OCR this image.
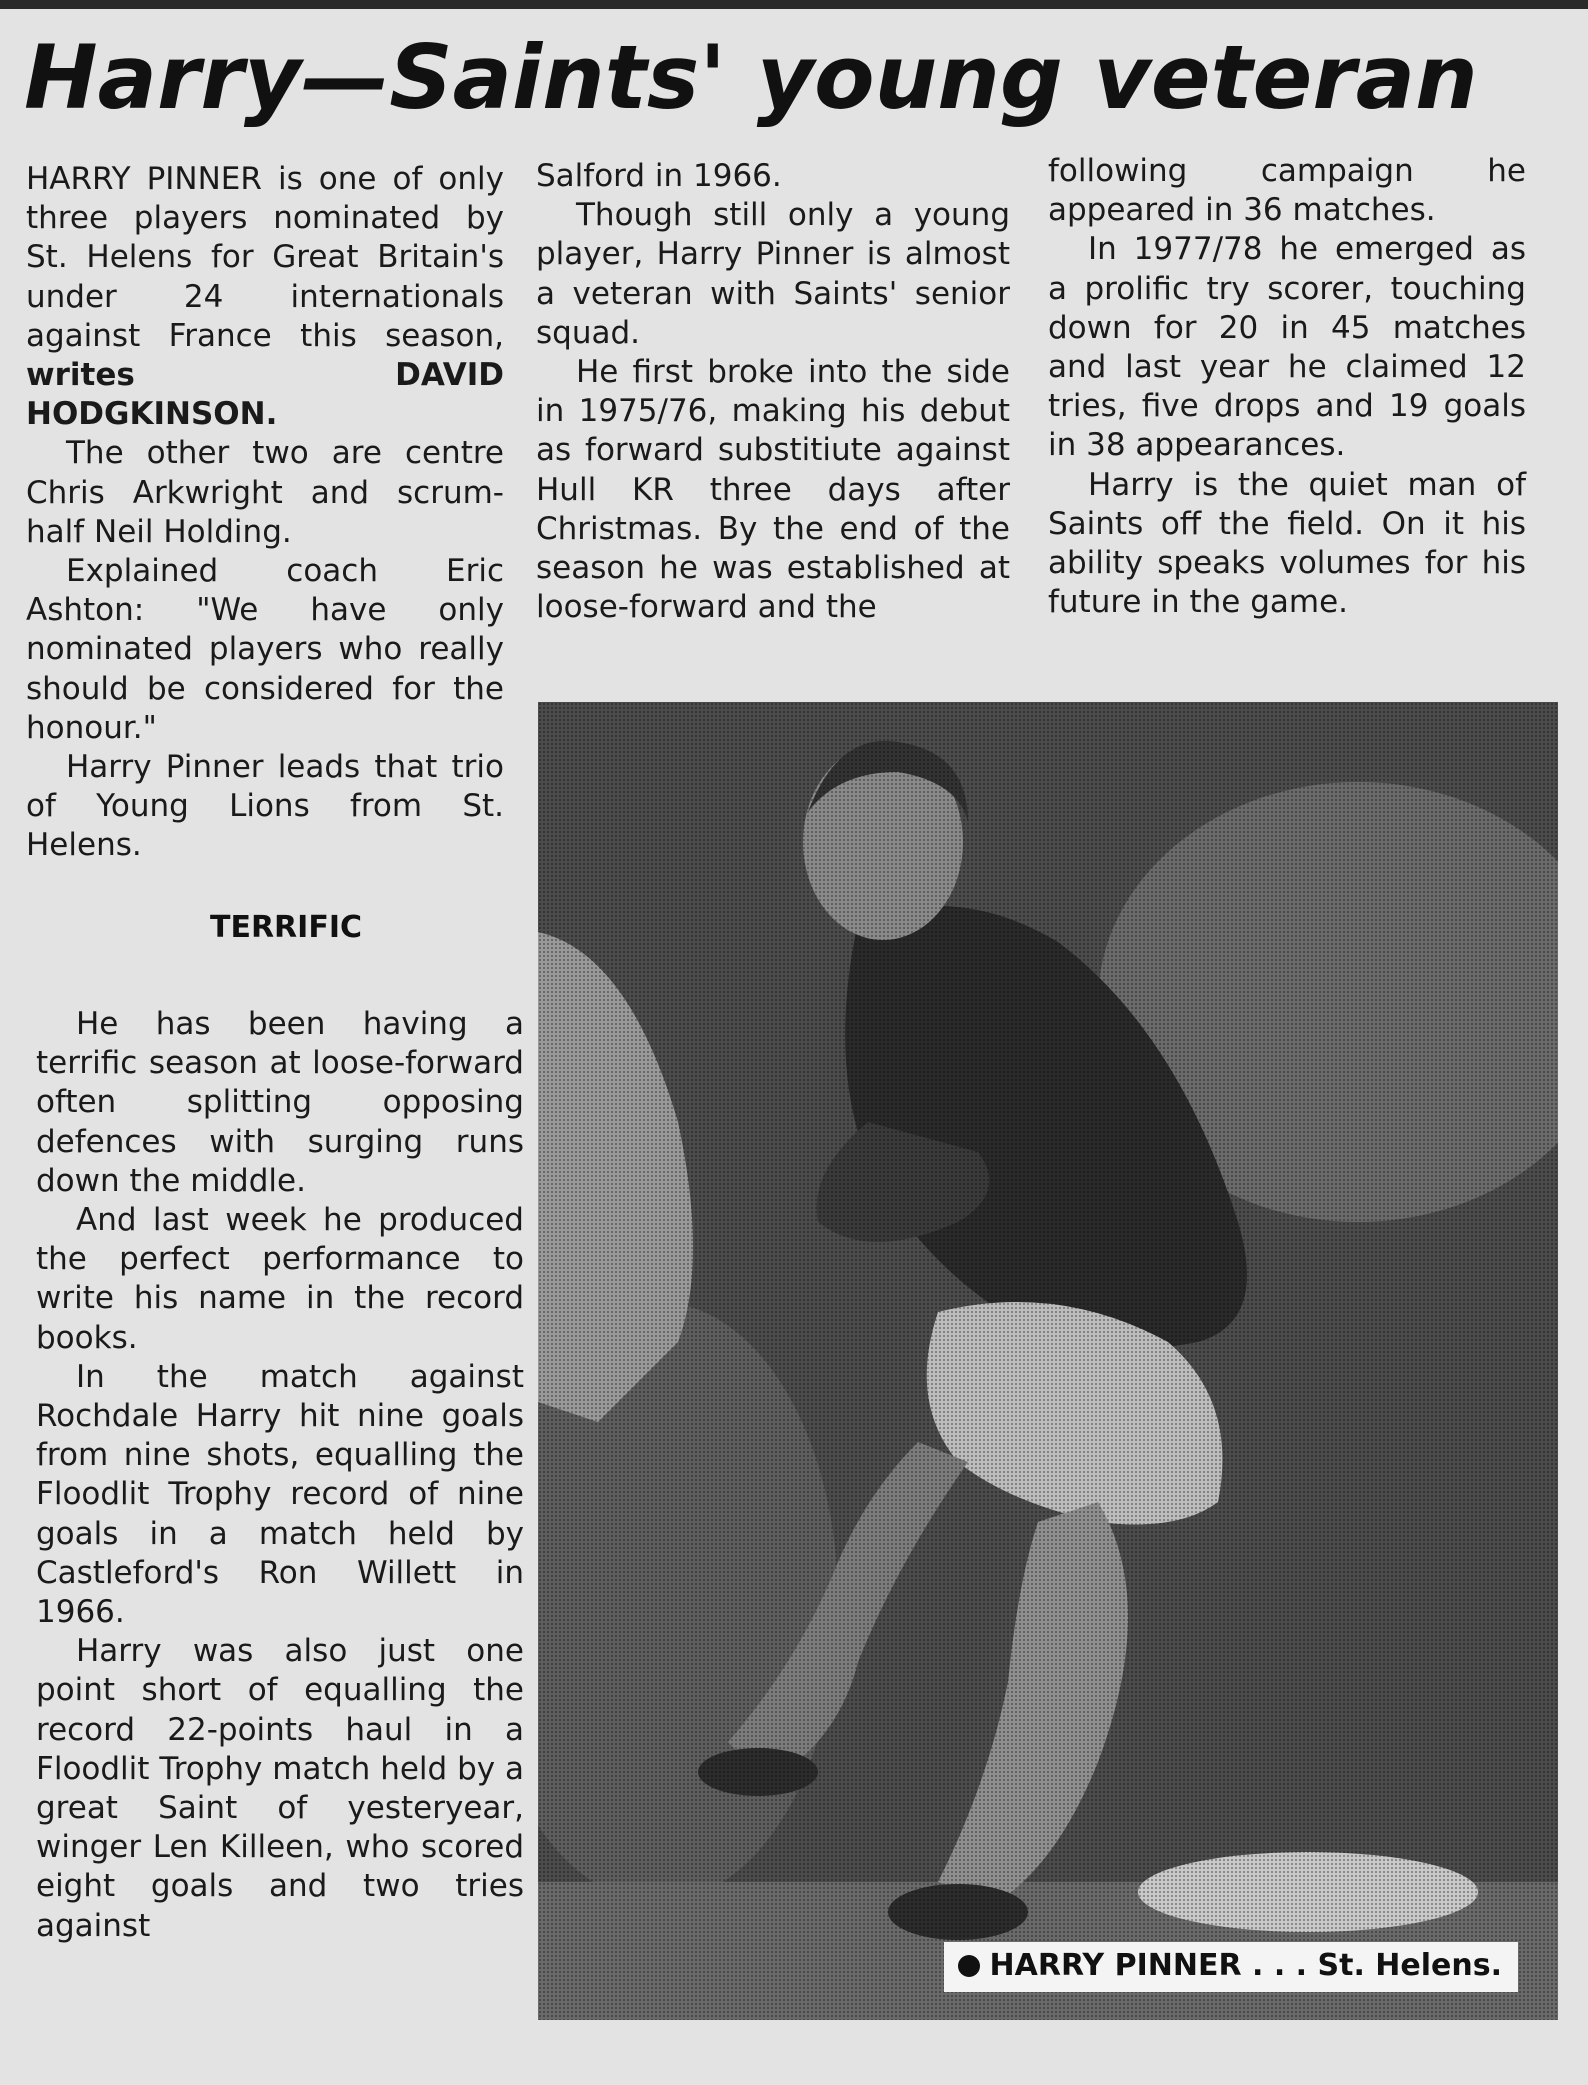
Harry—Saints' young veteran

HARRY PINNER is one of only three players nominated by St. Helens for Great Britain's under 24 internationals against France this season, writes DAVID HODGKINSON.

The other two are centre Chris Arkwright and scrum-half Neil Holding.

Explained coach Eric Ashton: "We have only nominated players who really should be considered for the honour."

Harry Pinner leads that trio of Young Lions from St. Helens.

TERRIFIC

He has been having a terrific season at loose-forward often splitting opposing defences with surging runs down the middle.

And last week he produced the perfect performance to write his name in the record books.

In the match against Rochdale Harry hit nine goals from nine shots, equalling the Floodlit Trophy record of nine goals in a match held by Castleford's Ron Willett in 1966.

Harry was also just one point short of equalling the record 22-points haul in a Floodlit Trophy match held by a great Saint of yesteryear, winger Len Killeen, who scored eight goals and two tries against

Salford in 1966.

Though still only a young player, Harry Pinner is almost a veteran with Saints' senior squad.

He first broke into the side in 1975/76, making his debut as forward substitiute against Hull KR three days after Christmas. By the end of the season he was established at loose-forward and the

following campaign he appeared in 36 matches.

In 1977/78 he emerged as a prolific try scorer, touching down for 20 in 45 matches and last year he claimed 12 tries, five drops and 19 goals in 38 appearances.

Harry is the quiet man of Saints off the field. On it his ability speaks volumes for his future in the game.

HARRY PINNER . . . St. Helens.
